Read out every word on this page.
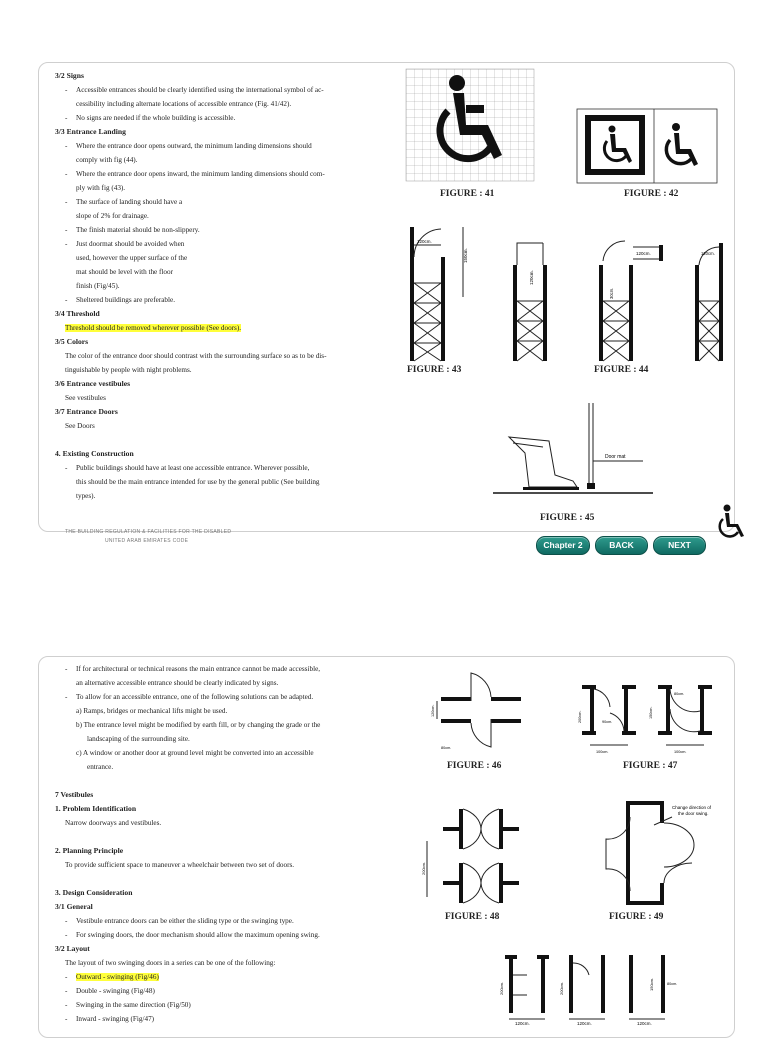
3/2 Signs
- Accessible entrances should be clearly identified using the international symbol of ac-
cessibility including alternate locations of accessible entrance (Fig. 41/42).
- No signs are needed if the whole building is accessible.
3/3 Entrance Landing
- Where the entrance door opens outward, the minimum landing dimensions should
comply with fig (44).
- Where the entrance door opens inward, the minimum landing dimensions should com-
ply with fig (43).
- The surface of landing should have a
slope of 2% for drainage.
- The finish material should be non-slippery.
- Just doormat should be avoided when
used, however the upper surface of the
mat should be level with the floor
finish (Fig/45).
- Sheltered buildings are preferable.
3/4 Threshold
Threshold should be removed wherever possible (See doors).
3/5 Colors
The color of the entrance door should contrast with the surrounding surface so as to be dis-
tinguishable by people with night problems.
3/6 Entrance vestibules
See vestibules
3/7 Entrance Doors
See Doors

4. Existing Construction
- Public buildings should have at least one accessible entrance. Wherever possible,
this should be the main entrance intended for use by the general public (See building
types).
FIGURE : 41	FIGURE : 42
120cm.
150cm.
FIGURE : 43
120cm.
120cm.
30cm.
120cm.
FIGURE : 44
Door mat
FIGURE : 45
THE BUILDING REGULATION & FACILITIES FOR THE DISABLED
UNITED ARAB EMIRATES CODE	Chapter 2	BACK	NEXT
- If for architectural or technical reasons the main entrance cannot be made accessible,
an alternative accessible entrance should be clearly indicated by signs.
- To allow for an accessible entrance, one of the following solutions can be adapted.
a) Ramps, bridges or mechanical lifts might be used.
b) The entrance level might be modified by earth fill, or by changing the grade or the
landscaping of the surrounding site.
c) A window or another door at ground level might be converted into an accessible
entrance.

7 Vestibules
1. Problem Identification
Narrow doorways and vestibules.

2. Planning Principle
To provide sufficient space to maneuver a wheelchair between two set of doors.

3. Design Consideration
3/1 General
- Vestibule entrance doors can be either the sliding type or the swinging type.
- For swinging doors, the door mechanism should allow the maximum opening swing.
3/2 Layout
The layout of two swinging doors in a series can be one of the following:
- Outward - swinging (Fig/46)
- Double - swinging (Fig/48)
- Swinging in the same direction (Fig/50)
- Inward - swinging (Fig/47)
120cm.
80cm.
FIGURE : 46
80cm.
90cm.
100cm.	100cm.
200cm.	150cm.
FIGURE : 47
200cm.
FIGURE : 48
Change direction of
the door swing.
FIGURE : 49
200cm.	200cm.	150cm.	80cm.
120cm.	120cm.	120cm.
